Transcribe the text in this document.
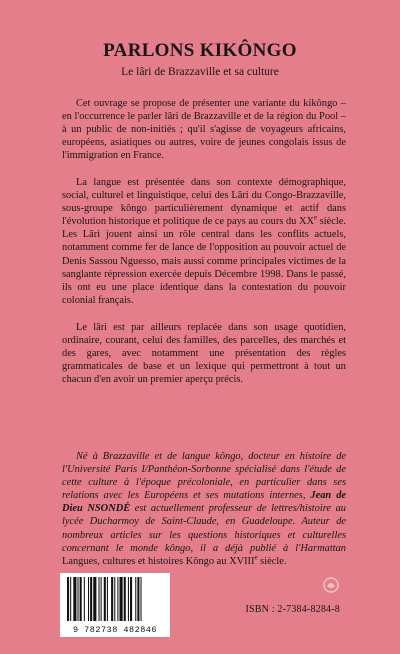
PARLONS KIKÔNGO
Le lâri de Brazzaville et sa culture
Cet ouvrage se propose de présenter une variante du kikôngo – en l'occurrence le parler lâri de Brazzaville et de la région du Pool – à un public de non-initiés ; qu'il s'agisse de voyageurs africains, européens, asiatiques ou autres, voire de jeunes congolais issus de l'immigration en France.
La langue est présentée dans son contexte démographique, social, culturel et linguistique, celui des Lâri du Congo-Brazzaville, sous-groupe kôngo particulièrement dynamique et actif dans l'évolution historique et politique de ce pays au cours du XXe siècle. Les Lâri jouent ainsi un rôle central dans les conflits actuels, notamment comme fer de lance de l'opposition au pouvoir actuel de Denis Sassou Nguesso, mais aussi comme principales victimes de la sanglante répression exercée depuis Décembre 1998. Dans le passé, ils ont eu une place identique dans la contestation du pouvoir colonial français.
Le lâri est par ailleurs replacée dans son usage quotidien, ordinaire, courant, celui des familles, des parcelles, des marchés et des gares, avec notamment une présentation des règles grammaticales de base et un lexique qui permettront à tout un chacun d'en avoir un premier aperçu précis.
Né à Brazzaville et de langue kôngo, docteur en histoire de l'Université Paris I/Panthéon-Sorbonne spécialisé dans l'étude de cette culture à l'époque précoloniale, en particulier dans ses relations avec les Européens et ses mutations internes, Jean de Dieu NSONDÉ est actuellement professeur de lettres/histoire au lycée Ducharmoy de Saint-Claude, en Guadeloupe. Auteur de nombreux articles sur les questions historiques et culturelles concernant le monde kôngo, il a déjà publié à l'Harmattan Langues, cultures et histoires Kôngo au XVIIIe siècle.
9 782738 482846
ISBN : 2-7384-8284-8
